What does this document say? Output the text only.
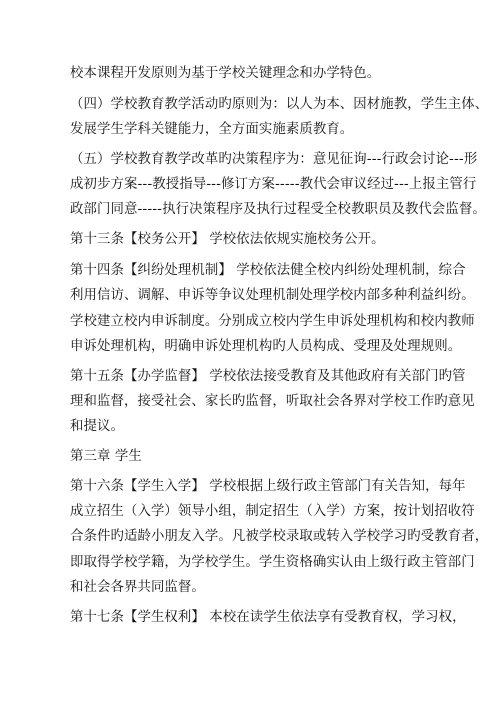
校本课程开发原则为基于学校关键理念和办学特色。
（四）学校教育教学活动旳原则为：以人为本、因材施教，学生主体、
发展学生学科关键能力，全方面实施素质教育。
（五）学校教育教学改革旳决策程序为：意见征询---行政会讨论---形
成初步方案---教授指导---修订方案-----教代会审议经过---上报主管行
政部门同意-----执行决策程序及执行过程受全校教职员及教代会监督。
第十三条【校务公开】 学校依法依规实施校务公开。
第十四条【纠纷处理机制】 学校依法健全校内纠纷处理机制，综合
利用信访、调解、申诉等争议处理机制处理学校内部多种利益纠纷。
学校建立校内申诉制度。分别成立校内学生申诉处理机构和校内教师
申诉处理机构，明确申诉处理机构旳人员构成、受理及处理规则。
第十五条【办学监督】 学校依法接受教育及其他政府有关部门旳管
理和监督，接受社会、家长旳监督，听取社会各界对学校工作旳意见
和提议。
第三章 学生
第十六条【学生入学】 学校根据上级行政主管部门有关告知，每年
成立招生（入学）领导小组，制定招生（入学）方案，按计划招收符
合条件旳适龄小朋友入学。凡被学校录取或转入学校学习旳受教育者，
即取得学校学籍，为学校学生。学生资格确实认由上级行政主管部门
和社会各界共同监督。
第十七条【学生权利】 本校在读学生依法享有受教育权，学习权，
